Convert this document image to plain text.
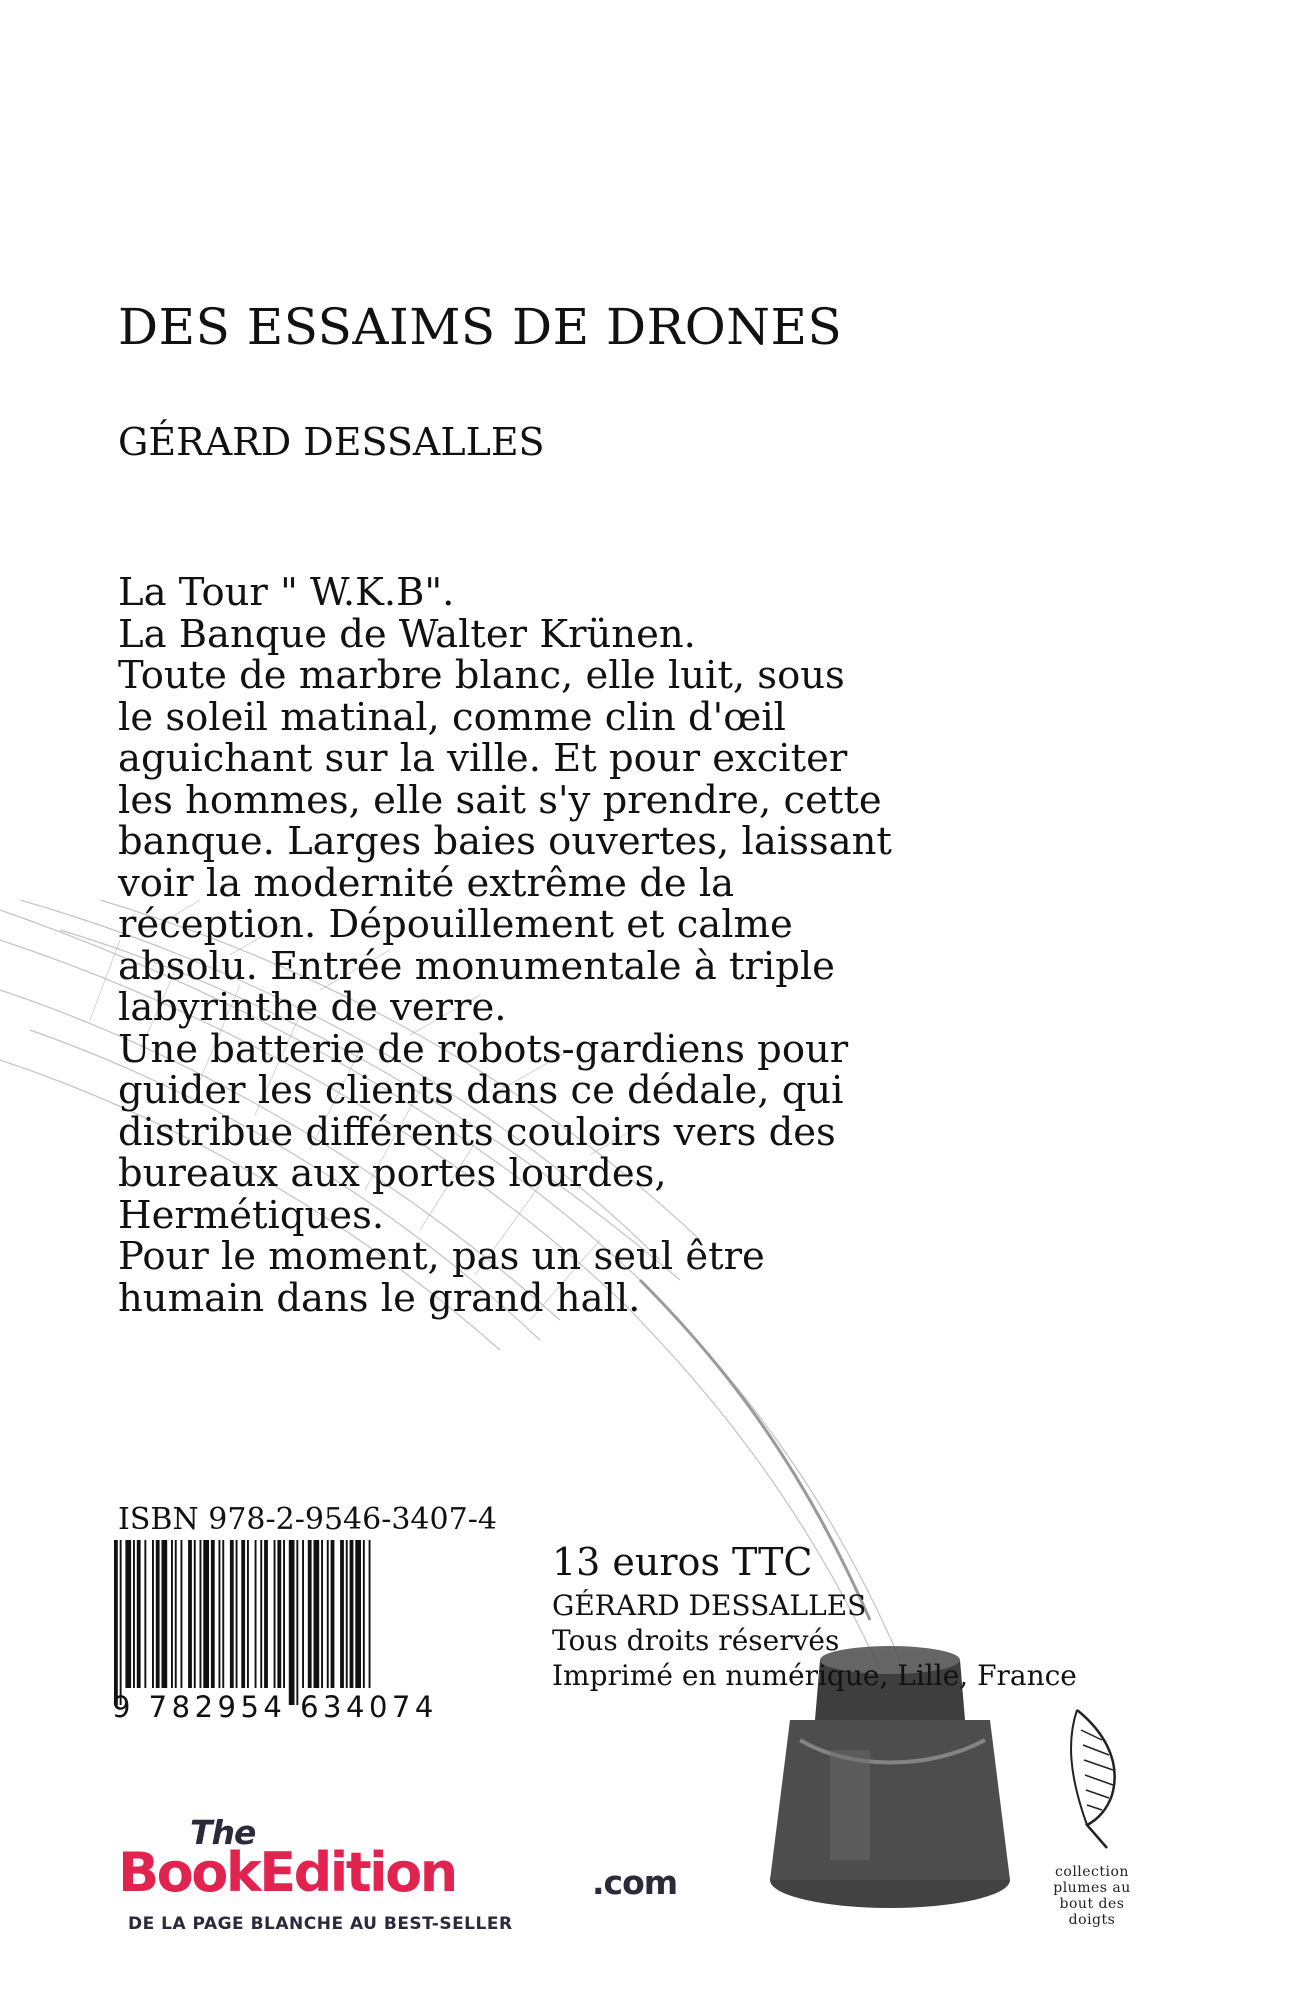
DES ESSAIMS DE DRONES
GÉRARD DESSALLES
La Tour " W.K.B".
La Banque de Walter Krünen.
Toute de marbre blanc, elle luit, sous
le soleil matinal, comme clin d'œil
aguichant sur la ville. Et pour exciter
les hommes, elle sait s'y prendre, cette
banque. Larges baies ouvertes, laissant
voir la modernité extrême de la
réception. Dépouillement et calme
absolu. Entrée monumentale à triple
labyrinthe de verre.
Une batterie de robots-gardiens pour
guider les clients dans ce dédale, qui
distribue différents couloirs vers des
bureaux aux portes lourdes,
Hermétiques.
Pour le moment, pas un seul être
humain dans le grand hall.
ISBN 978-2-9546-3407-4
9 782954 634074
13 euros TTC
GÉRARD DESSALLES
Tous droits réservés
Imprimé en numérique, Lille, France
The
BookEdition	.com
DE LA PAGE BLANCHE AU BEST-SELLER
collection
plumes au
bout des
doigts
